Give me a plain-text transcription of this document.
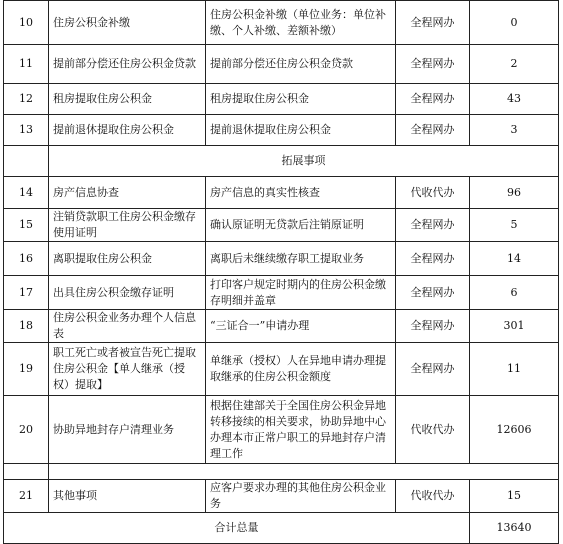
10	住房公积金补缴	住房公积金补缴（单位业务：单位补缴、个人补缴、差额补缴）	全程网办	0
11	提前部分偿还住房公积金贷款	提前部分偿还住房公积金贷款	全程网办	2
12	租房提取住房公积金	租房提取住房公积金	全程网办	43
13	提前退休提取住房公积金	提前退休提取住房公积金	全程网办	3
	拓展事项			
14	房产信息协查	房产信息的真实性核查	代收代办	96
15	注销贷款职工住房公积金缴存使用证明	确认原证明无贷款后注销原证明	全程网办	5
16	离职提取住房公积金	离职后未继续缴存职工提取业务	全程网办	14
17	出具住房公积金缴存证明	打印客户规定时期内的住房公积金缴存明细并盖章	全程网办	6
18	住房公积金业务办理个人信息表	“三证合一”申请办理	全程网办	301
19	职工死亡或者被宣告死亡提取住房公积金【单人继承（授权）提取】	单继承（授权）人在异地申请办理提取继承的住房公积金额度	全程网办	11
20	协助异地封存户清理业务	根据住建部关于全国住房公积金异地转移接续的相关要求，协助异地中心办理本市正常户职工的异地封存户清理工作	代收代办	12606

21	其他事项	应客户要求办理的其他住房公积金业务	代收代办	15
合计总量				13640
